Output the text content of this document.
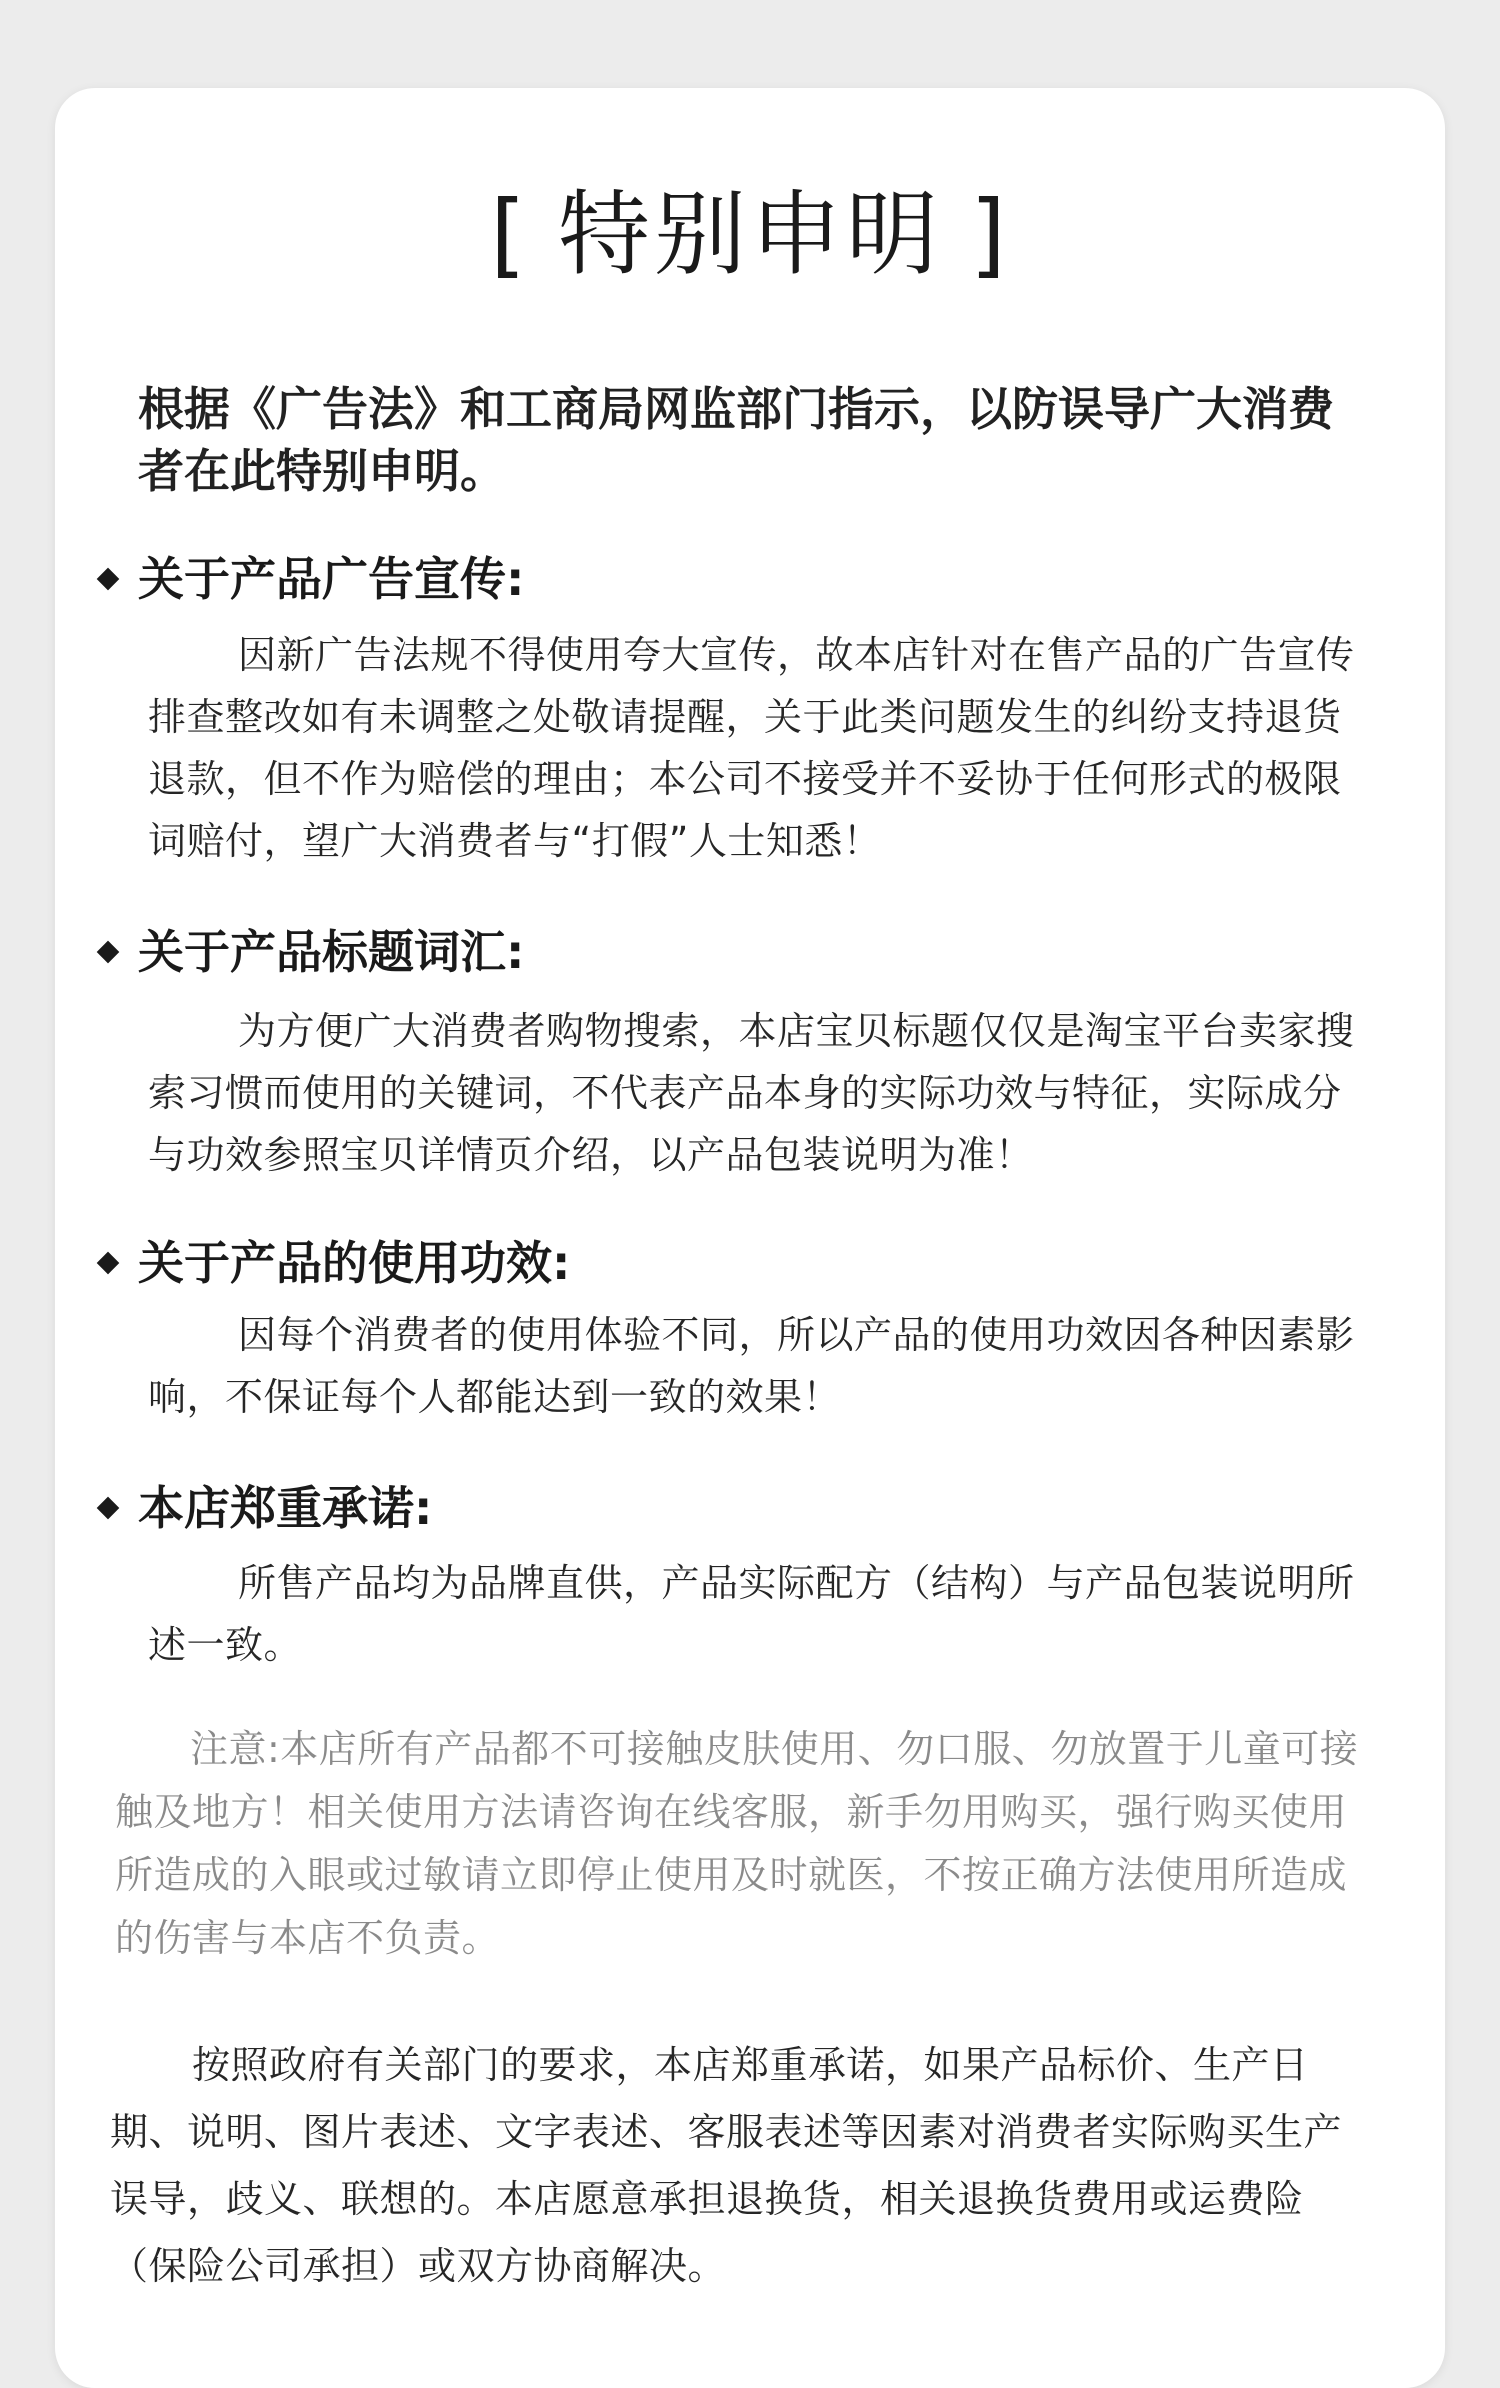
[ 特别申明 ]
根据《广告法》和工商局网监部门指示，以防误导广大消费者在此特别申明。
关于产品广告宣传:
因新广告法规不得使用夸大宣传，故本店针对在售产品的广告宣传排查整改如有未调整之处敬请提醒，关于此类问题发生的纠纷支持退货退款，但不作为赔偿的理由；本公司不接受并不妥协于任何形式的极限词赔付，望广大消费者与“打假”人士知悉！
关于产品标题词汇:
为方便广大消费者购物搜索，本店宝贝标题仅仅是淘宝平台卖家搜索习惯而使用的关键词，不代表产品本身的实际功效与特征，实际成分与功效参照宝贝详情页介绍，以产品包装说明为准！
关于产品的使用功效:
因每个消费者的使用体验不同，所以产品的使用功效因各种因素影响，不保证每个人都能达到一致的效果！
本店郑重承诺:
所售产品均为品牌直供，产品实际配方（结构）与产品包装说明所述一致。
注意:本店所有产品都不可接触皮肤使用、勿口服、勿放置于儿童可接触及地方！相关使用方法请咨询在线客服，新手勿用购买，强行购买使用所造成的入眼或过敏请立即停止使用及时就医，不按正确方法使用所造成的伤害与本店不负责。
按照政府有关部门的要求，本店郑重承诺，如果产品标价、生产日期、说明、图片表述、文字表述、客服表述等因素对消费者实际购买生产误导，歧义、联想的。本店愿意承担退换货，相关退换货费用或运费险（保险公司承担）或双方协商解决。
